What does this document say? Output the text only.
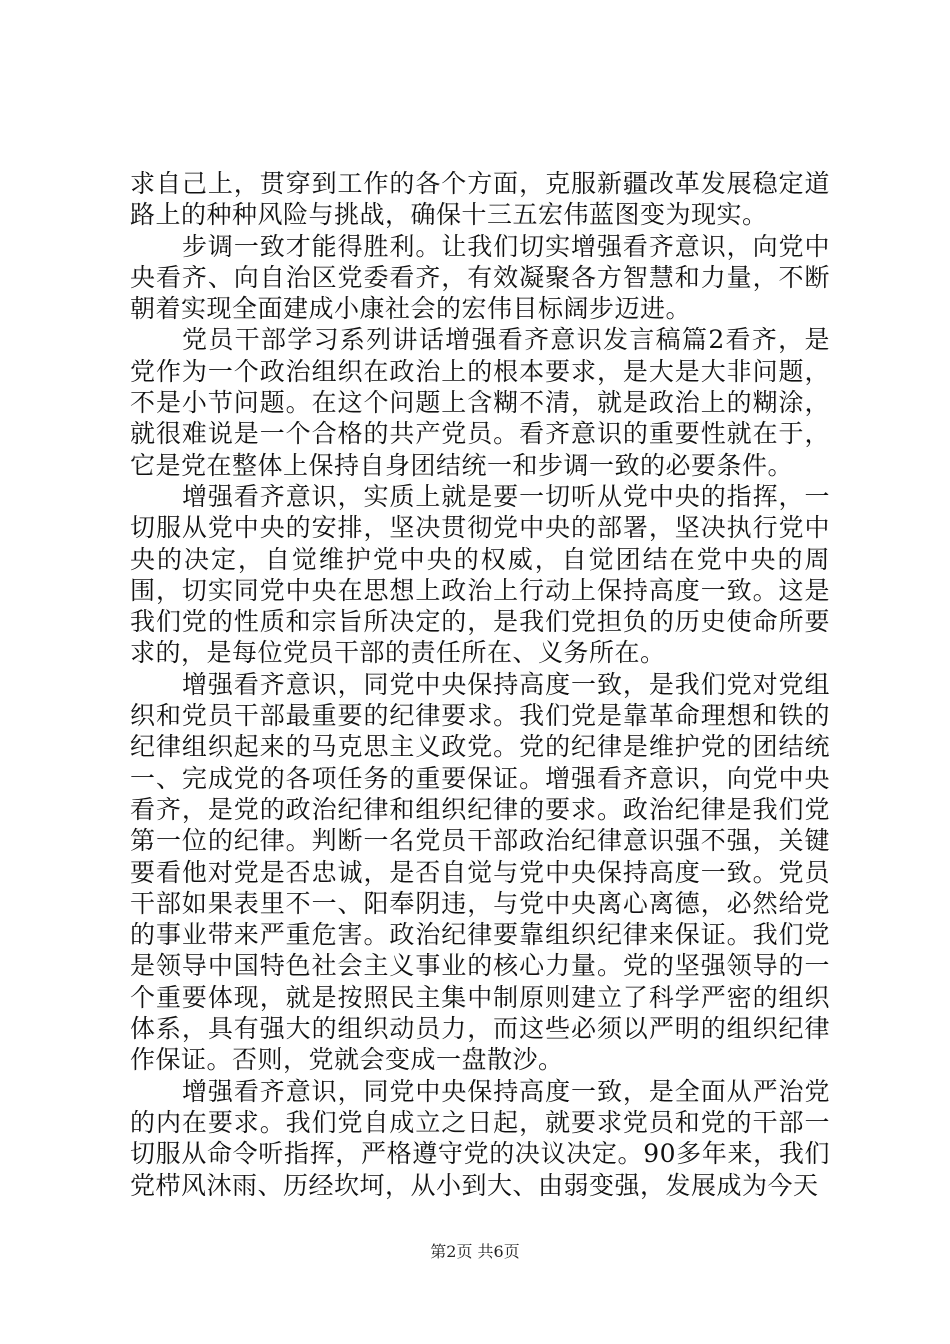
求自己上，贯穿到工作的各个方面，克服新疆改革发展稳定道路上的种种风险与挑战，确保十三五宏伟蓝图变为现实。

步调一致才能得胜利。让我们切实增强看齐意识，向党中央看齐、向自治区党委看齐，有效凝聚各方智慧和力量，不断朝着实现全面建成小康社会的宏伟目标阔步迈进。

党员干部学习系列讲话增强看齐意识发言稿篇2看齐，是党作为一个政治组织在政治上的根本要求，是大是大非问题，不是小节问题。在这个问题上含糊不清，就是政治上的糊涂，就很难说是一个合格的共产党员。看齐意识的重要性就在于，它是党在整体上保持自身团结统一和步调一致的必要条件。

增强看齐意识，实质上就是要一切听从党中央的指挥，一切服从党中央的安排，坚决贯彻党中央的部署，坚决执行党中央的决定，自觉维护党中央的权威，自觉团结在党中央的周围，切实同党中央在思想上政治上行动上保持高度一致。这是我们党的性质和宗旨所决定的，是我们党担负的历史使命所要求的，是每位党员干部的责任所在、义务所在。

增强看齐意识，同党中央保持高度一致，是我们党对党组织和党员干部最重要的纪律要求。我们党是靠革命理想和铁的纪律组织起来的马克思主义政党。党的纪律是维护党的团结统一、完成党的各项任务的重要保证。增强看齐意识，向党中央看齐，是党的政治纪律和组织纪律的要求。政治纪律是我们党第一位的纪律。判断一名党员干部政治纪律意识强不强，关键要看他对党是否忠诚，是否自觉与党中央保持高度一致。党员干部如果表里不一、阳奉阴违，与党中央离心离德，必然给党的事业带来严重危害。政治纪律要靠组织纪律来保证。我们党是领导中国特色社会主义事业的核心力量。党的坚强领导的一个重要体现，就是按照民主集中制原则建立了科学严密的组织体系，具有强大的组织动员力，而这些必须以严明的组织纪律作保证。否则，党就会变成一盘散沙。

增强看齐意识，同党中央保持高度一致，是全面从严治党的内在要求。我们党自成立之日起，就要求党员和党的干部一切服从命令听指挥，严格遵守党的决议决定。90多年来，我们党栉风沐雨、历经坎坷，从小到大、由弱变强，发展成为今天

第2页 共6页
